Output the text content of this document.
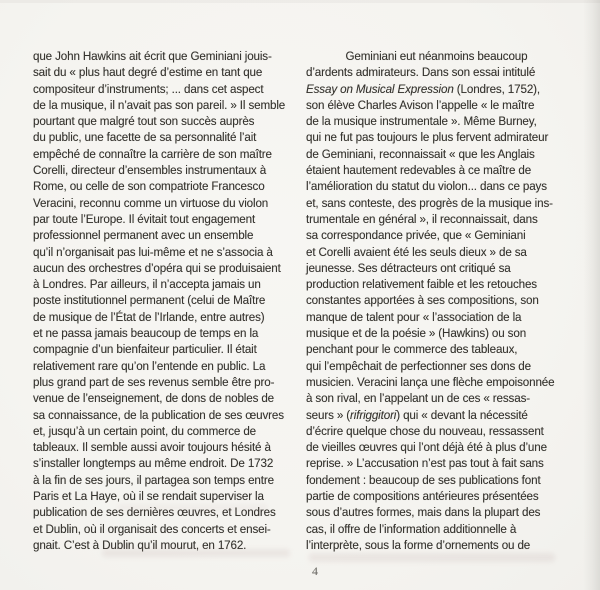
que John Hawkins ait écrit que Geminiani jouis-
sait du « plus haut degré d’estime en tant que
compositeur d’instruments; ... dans cet aspect
de la musique, il n’avait pas son pareil. » Il semble
pourtant que malgré tout son succès auprès
du public, une facette de sa personnalité l’ait
empêché de connaître la carrière de son maître
Corelli, directeur d’ensembles instrumentaux à
Rome, ou celle de son compatriote Francesco
Veracini, reconnu comme un virtuose du violon
par toute l’Europe. Il évitait tout engagement
professionnel permanent avec un ensemble
qu’il n’organisait pas lui-même et ne s’associa à
aucun des orchestres d’opéra qui se produisaient
à Londres. Par ailleurs, il n’accepta jamais un
poste institutionnel permanent (celui de Maître
de musique de l’État de l’Irlande, entre autres)
et ne passa jamais beaucoup de temps en la
compagnie d’un bienfaiteur particulier. Il était
relativement rare qu’on l’entende en public. La
plus grand part de ses revenus semble être pro-
venue de l’enseignement, de dons de nobles de
sa connaissance, de la publication de ses œuvres
et, jusqu’à un certain point, du commerce de
tableaux. Il semble aussi avoir toujours hésité à
s’installer longtemps au même endroit. De 1732
à la fin de ses jours, il partagea son temps entre
Paris et La Haye, où il se rendait superviser la
publication de ses dernières œuvres, et Londres
et Dublin, où il organisait des concerts et ensei-
gnait. C’est à Dublin qu’il mourut, en 1762.
Geminiani eut néanmoins beaucoup
d’ardents admirateurs. Dans son essai intitulé
Essay on Musical Expression (Londres, 1752),
son élève Charles Avison l’appelle « le maître
de la musique instrumentale ». Même Burney,
qui ne fut pas toujours le plus fervent admirateur
de Geminiani, reconnaissait « que les Anglais
étaient hautement redevables à ce maître de
l’amélioration du statut du violon... dans ce pays
et, sans conteste, des progrès de la musique ins-
trumentale en général », il reconnaissait, dans
sa correspondance privée, que « Geminiani
et Corelli avaient été les seuls dieux » de sa
jeunesse. Ses détracteurs ont critiqué sa
production relativement faible et les retouches
constantes apportées à ses compositions, son
manque de talent pour « l’association de la
musique et de la poésie » (Hawkins) ou son
penchant pour le commerce des tableaux,
qui l’empêchait de perfectionner ses dons de
musicien. Veracini lança une flèche empoisonnée
à son rival, en l’appelant un de ces « ressas-
seurs » (rifriggitori) qui « devant la nécessité
d’écrire quelque chose du nouveau, ressassent
de vieilles œuvres qui l’ont déjà été à plus d’une
reprise. » L’accusation n’est pas tout à fait sans
fondement : beaucoup de ses publications font
partie de compositions antérieures présentées
sous d’autres formes, mais dans la plupart des
cas, il offre de l’information additionnelle à
l’interprète, sous la forme d’ornements ou de
4
